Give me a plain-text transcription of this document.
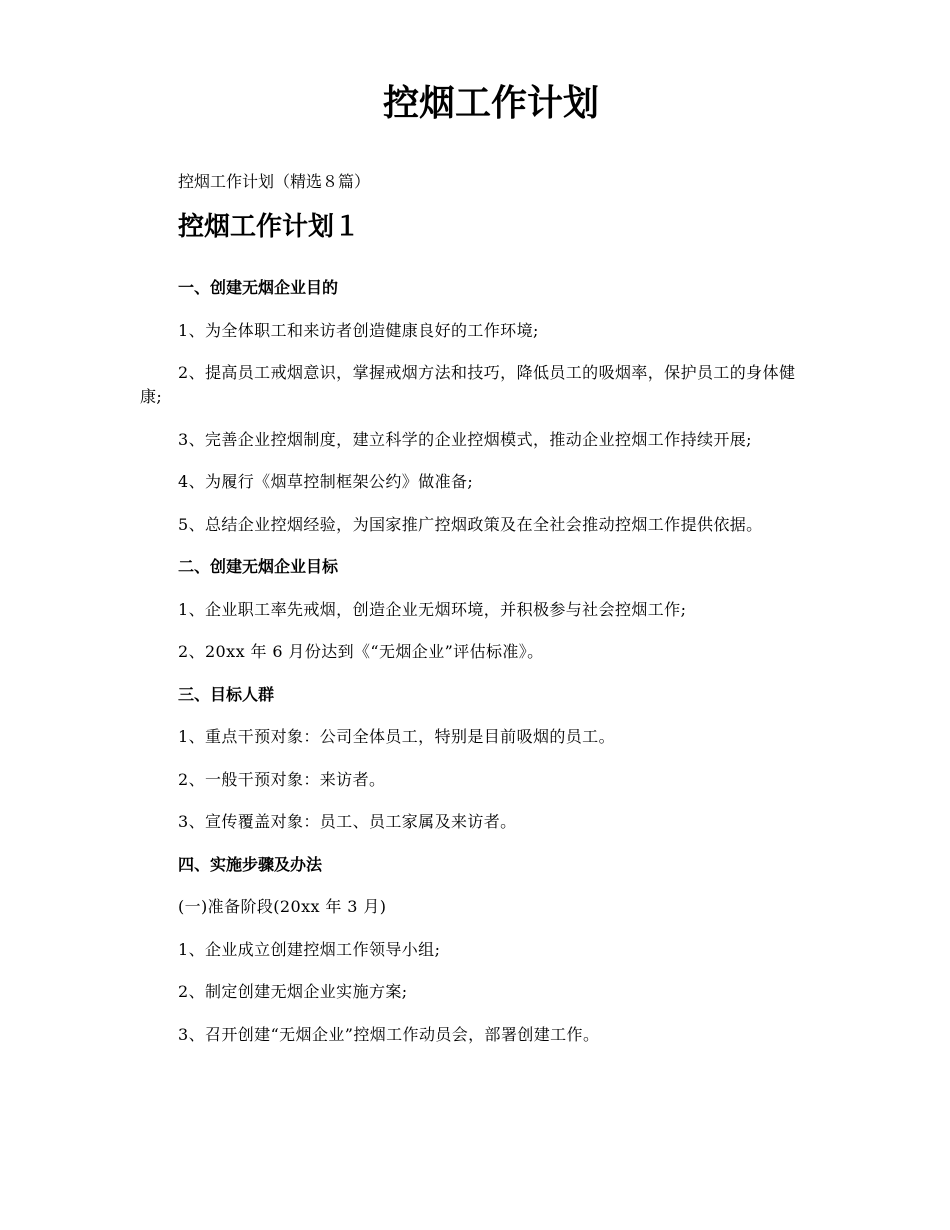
控烟工作计划

控烟工作计划（精选８篇）

控烟工作计划１

一、创建无烟企业目的

1、为全体职工和来访者创造健康良好的工作环境;

2、提高员工戒烟意识，掌握戒烟方法和技巧，降低员工的吸烟率，保护员工的身体健康;

3、完善企业控烟制度，建立科学的企业控烟模式，推动企业控烟工作持续开展;

4、为履行《烟草控制框架公约》做准备;

5、总结企业控烟经验，为国家推广控烟政策及在全社会推动控烟工作提供依据。

二、创建无烟企业目标

1、企业职工率先戒烟，创造企业无烟环境，并积极参与社会控烟工作;

2、20xx 年 6 月份达到《“无烟企业”评估标准》。

三、目标人群

1、重点干预对象：公司全体员工，特别是目前吸烟的员工。

2、一般干预对象：来访者。

3、宣传覆盖对象：员工、员工家属及来访者。

四、实施步骤及办法

(一)准备阶段(20xx 年 3 月)

1、企业成立创建控烟工作领导小组;

2、制定创建无烟企业实施方案;

3、召开创建“无烟企业”控烟工作动员会，部署创建工作。
